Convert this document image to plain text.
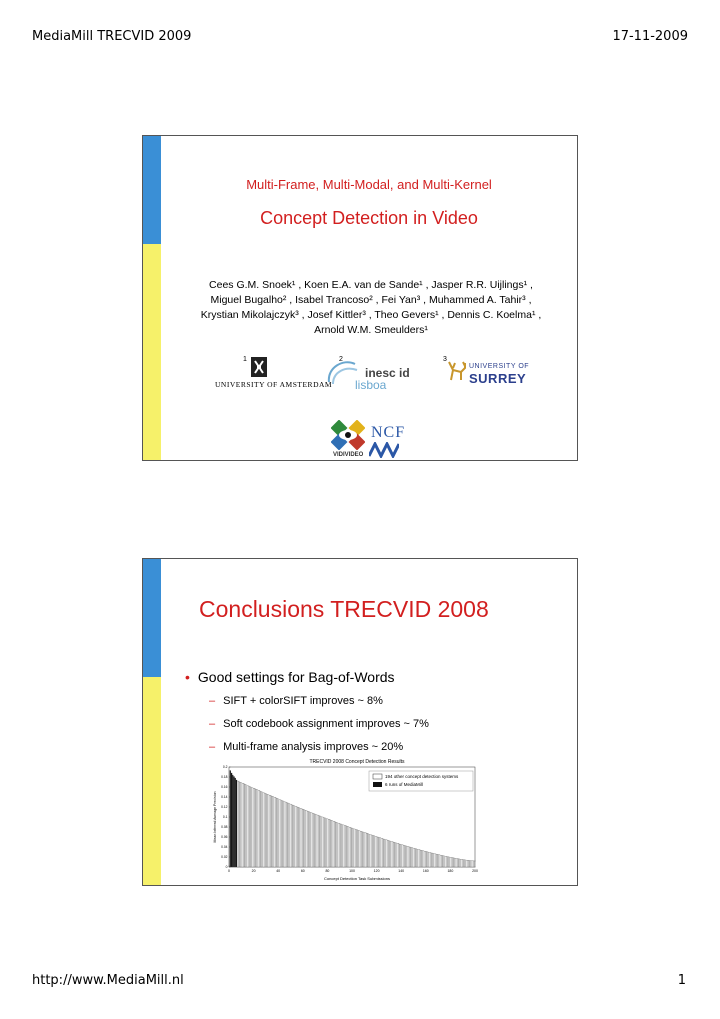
MediaMill TRECVID 2009	17-11-2009
Multi-Frame, Multi-Modal, and Multi-Kernel
Concept Detection in Video
Cees G.M. Snoek¹ , Koen E.A. van de Sande¹ , Jasper R.R. Uijlings¹ ,
Miguel Bugalho² , Isabel Trancoso² , Fei Yan³ , Muhammed A. Tahir³ ,
Krystian Mikolajczyk³ , Josef Kittler³ , Theo Gevers¹ , Dennis C. Koelma¹ ,
Arnold W.M. Smeulders¹
1	2	3
UNIVERSITY OF AMSTERDAM
inesc id
lisboa
UNIVERSITY OF
SURREY
VIDIVIDEO
NCF
Conclusions TRECVID 2008
• Good settings for Bag-of-Words
– SIFT + colorSIFT improves ~ 8%
– Soft codebook assignment improves ~ 7%
– Multi-frame analysis improves ~ 20%
TRECVID 2008 Concept Detection Results
Concept Detection Task Submissions
Mean Inferred Average Precision
0	20	40	60	80	100	120	140	160	180	200
0
0.02
0.04
0.06
0.08
0.1
0.12
0.14
0.16
0.18
0.2
194 other concept detection systems
6 runs of MediaMill
http://www.MediaMill.nl	1
